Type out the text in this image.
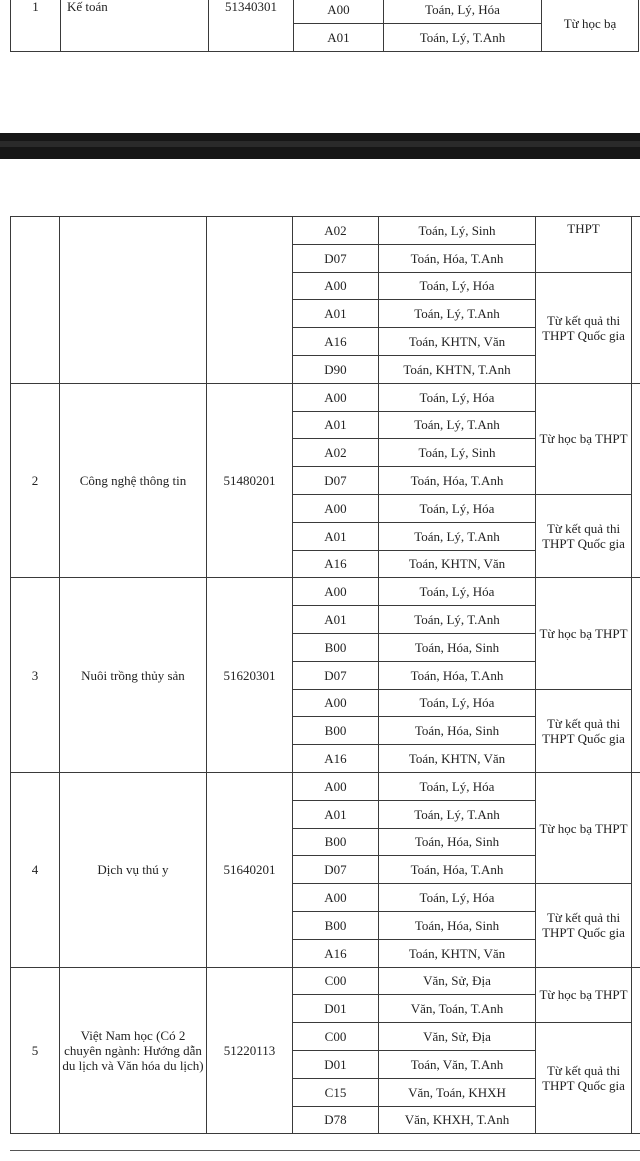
1	Kế toán	51340301	A00	Toán, Lý, Hóa	Từ học bạ
			A01	Toán, Lý, T.Anh	
			A02	Toán, Lý, Sinh	THPT	
			D07	Toán, Hóa, T.Anh		
			A00	Toán, Lý, Hóa	Từ kết quả thi THPT Quốc gia	
			A01	Toán, Lý, T.Anh		
			A16	Toán, KHTN, Văn		
			D90	Toán, KHTN, T.Anh		
2	Công nghệ thông tin	51480201	A00	Toán, Lý, Hóa	Từ học bạ THPT	
			A01	Toán, Lý, T.Anh		
			A02	Toán, Lý, Sinh		
			D07	Toán, Hóa, T.Anh		
			A00	Toán, Lý, Hóa	Từ kết quả thi THPT Quốc gia	
			A01	Toán, Lý, T.Anh		
			A16	Toán, KHTN, Văn		
3	Nuôi trồng thủy sản	51620301	A00	Toán, Lý, Hóa	Từ học bạ THPT	
			A01	Toán, Lý, T.Anh		
			B00	Toán, Hóa, Sinh		
			D07	Toán, Hóa, T.Anh		
			A00	Toán, Lý, Hóa	Từ kết quả thi THPT Quốc gia	
			B00	Toán, Hóa, Sinh		
			A16	Toán, KHTN, Văn		
4	Dịch vụ thú y	51640201	A00	Toán, Lý, Hóa	Từ học bạ THPT	
			A01	Toán, Lý, T.Anh		
			B00	Toán, Hóa, Sinh		
			D07	Toán, Hóa, T.Anh		
			A00	Toán, Lý, Hóa	Từ kết quả thi THPT Quốc gia	
			B00	Toán, Hóa, Sinh		
			A16	Toán, KHTN, Văn		
5	Việt Nam học (Có 2 chuyên ngành: Hướng dẫn du lịch và Văn hóa du lịch)	51220113	C00	Văn, Sử, Địa	Từ học bạ THPT	
			D01	Văn, Toán, T.Anh		
			C00	Văn, Sử, Địa	Từ kết quả thi THPT Quốc gia	
			D01	Toán, Văn, T.Anh		
			C15	Văn, Toán, KHXH		
			D78	Văn, KHXH, T.Anh		
